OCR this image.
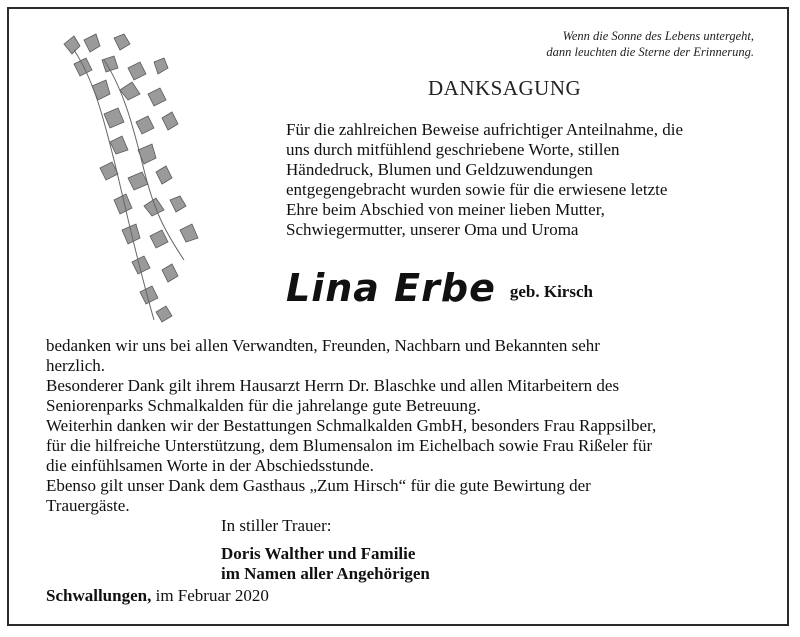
Wenn die Sonne des Lebens untergeht,
dann leuchten die Sterne der Erinnerung.
DANKSAGUNG
Für die zahlreichen Beweise aufrichtiger Anteilnahme, die
uns durch mitfühlend geschriebene Worte, stillen
Händedruck, Blumen und Geldzuwendungen
entgegengebracht wurden sowie für die erwiesene letzte
Ehre beim Abschied von meiner lieben Mutter,
Schwiegermutter, unserer Oma und Uroma
Lina Erbe geb. Kirsch

bedanken wir uns bei allen Verwandten, Freunden, Nachbarn und Bekannten sehr

herzlich.

Besonderer Dank gilt ihrem Hausarzt Herrn Dr. Blaschke und allen Mitarbeitern des

Seniorenparks Schmalkalden für die jahrelange gute Betreuung.

Weiterhin danken wir der Bestattungen Schmalkalden GmbH, besonders Frau Rappsilber,

für die hilfreiche Unterstützung, dem Blumensalon im Eichelbach sowie Frau Rißeler für

die einfühlsamen Worte in der Abschiedsstunde.

Ebenso gilt unser Dank dem Gasthaus „Zum Hirsch“ für die gute Bewirtung der

Trauergäste.

In stiller Trauer:
Doris Walther und Familie
im Namen aller Angehörigen
Schwallungen, im Februar 2020
